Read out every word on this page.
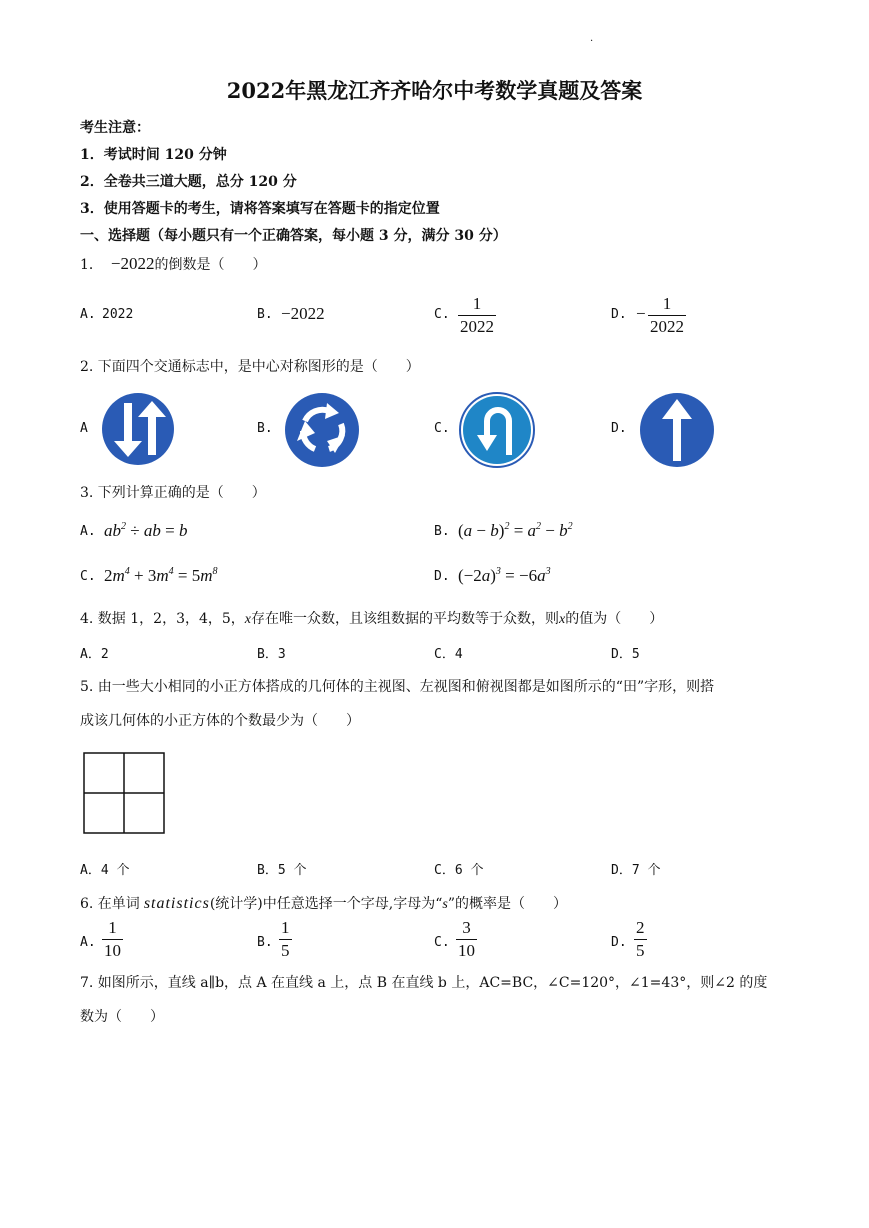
.
2022年黑龙江齐齐哈尔中考数学真题及答案
考生注意：
1．考试时间 120 分钟
2．全卷共三道大题，总分 120 分
3．使用答题卡的考生，请将答案填写在答题卡的指定位置
一、选择题（每小题只有一个正确答案，每小题 3 分，满分 30 分）
1． −2022的倒数是（　　）
A. 2022	B. −2022	C.
1
2022
D. −
1
2022
2. 下面四个交通标志中，是中心对称图形的是（　　）
A	B.	C.	D.
3. 下列计算正确的是（　　）
A. $ab^2$ ÷ ab = b	B. $(a - b)^2 = a^2 - b^2$
C. $2m^4 + 3m^4 = 5m^8$	D. $(-2a)^3 = -6a^3$
4. 数据 1，2，3，4，5，x存在唯一众数，且该组数据的平均数等于众数，则x的值为（　　）
A．2	B．3	C．4	D．5
5. 由一些大小相同的小正方体搭成的几何体的主视图、左视图和俯视图都是如图所示的“田”字形，则搭
成该几何体的小正方体的个数最少为（　　）
A．4 个	B．5 个	C．6 个	D．7 个
6. 在单词 statistics(统计学)中任意选择一个字母,字母为“s”的概率是（　　）
A.
1
10	B.
1
5	C.
3
10	D.
2
5
7. 如图所示，直线 a∥b，点 A 在直线 a 上，点 B 在直线 b 上，AC=BC，∠C=120°，∠1=43°，则∠2 的度
数为（　　）
